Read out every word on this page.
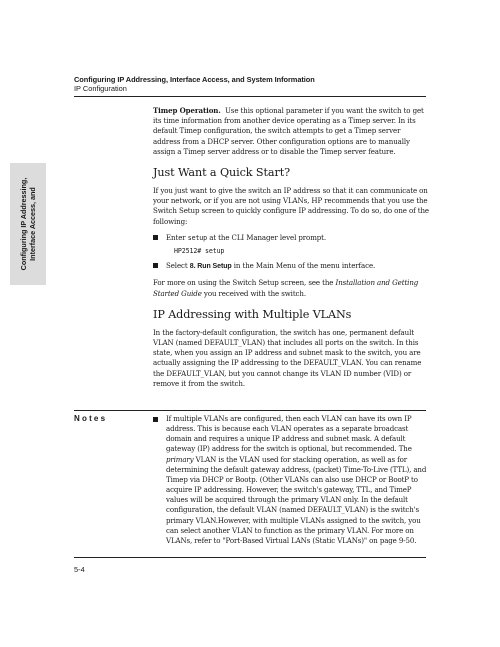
Configuring IP Addressing, Interface Access, and System Information
IP Configuration
Configuring IP Addressing,
Interface Access, and

Timep Operation. Use this optional parameter if you want the switch to get its time information from another device operating as a Timep server. In its default Timep configuration, the switch attempts to get a Timep server address from a DHCP server. Other configuration options are to manually assign a Timep server address or to disable the Timep server feature.

Just Want a Quick Start?

If you just want to give the switch an IP address so that it can communicate on your network, or if you are not using VLANs, HP recommends that you use the Switch Setup screen to quickly configure IP addressing. To do so, do one of the following:

Enter setup at the CLI Manager level prompt.
HP2512# setup
Select 8. Run Setup in the Main Menu of the menu interface.

For more on using the Switch Setup screen, see the Installation and Getting Started Guide you received with the switch.

IP Addressing with Multiple VLANs

In the factory-default configuration, the switch has one, permanent default VLAN (named DEFAULT_VLAN) that includes all ports on the switch. In this state, when you assign an IP address and subnet mask to the switch, you are actually assigning the IP addressing to the DEFAULT_VLAN. You can rename the DEFAULT_VLAN, but you cannot change its VLAN ID number (VID) or remove it from the switch.

Notes	If multiple VLANs are configured, then each VLAN can have its own IP address. This is because each VLAN operates as a separate broadcast domain and requires a unique IP address and subnet mask. A default gateway (IP) address for the switch is optional, but recommended. The primary VLAN is the VLAN used for stacking operation, as well as for determining the default gateway address, (packet) Time-To-Live (TTL), and Timep via DHCP or Bootp. (Other VLANs can also use DHCP or BootP to acquire IP addressing. However, the switch's gateway, TTL, and TimeP values will be acquired through the primary VLAN only. In the default configuration, the default VLAN (named DEFAULT_VLAN) is the switch's primary VLAN.However, with multiple VLANs assigned to the switch, you can select another VLAN to function as the primary VLAN. For more on VLANs, refer to "Port-Based Virtual LANs (Static VLANs)" on page 9-50.
5-4
